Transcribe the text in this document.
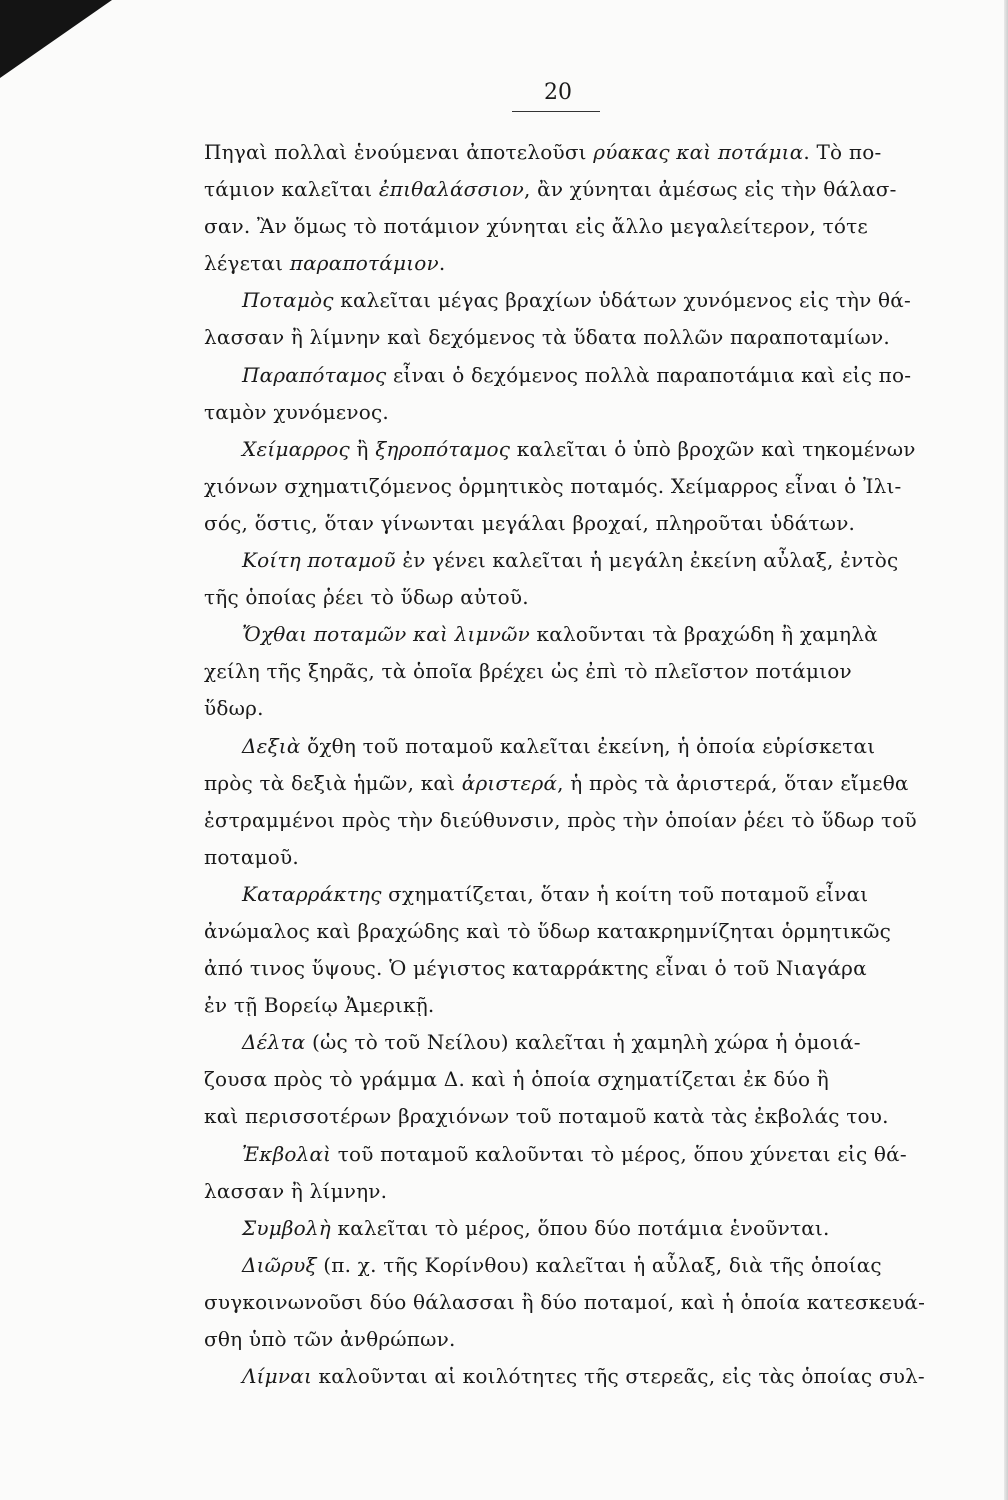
20
Πηγαὶ πολλαὶ ἑνούμεναι ἀποτελοῦσι ρύακας καὶ ποτάμια. Τὸ πο-
τάμιον καλεῖται ἐπιθαλάσσιον, ἂν χύνηται ἀμέσως εἰς τὴν θάλασ-
σαν. Ἂν ὅμως τὸ ποτάμιον χύνηται εἰς ἄλλο μεγαλείτερον, τότε
λέγεται παραποτάμιον.
Ποταμὸς καλεῖται μέγας βραχίων ὑδάτων χυνόμενος εἰς τὴν θά-
λασσαν ἢ λίμνην καὶ δεχόμενος τὰ ὕδατα πολλῶν παραποταμίων.
Παραπόταμος εἶναι ὁ δεχόμενος πολλὰ παραποτάμια καὶ εἰς πο-
ταμὸν χυνόμενος.
Χείμαρρος ἢ ξηροπόταμος καλεῖται ὁ ὑπὸ βροχῶν καὶ τηκομένων
χιόνων σχηματιζόμενος ὁρμητικὸς ποταμός. Χείμαρρος εἶναι ὁ Ἰλι-
σός, ὅστις, ὅταν γίνωνται μεγάλαι βροχαί, πληροῦται ὑδάτων.
Κοίτη ποταμοῦ ἐν γένει καλεῖται ἡ μεγάλη ἐκείνη αὖλαξ, ἐντὸς
τῆς ὁποίας ῥέει τὸ ὕδωρ αὐτοῦ.
Ὄχθαι ποταμῶν καὶ λιμνῶν καλοῦνται τὰ βραχώδη ἢ χαμηλὰ
χείλη τῆς ξηρᾶς, τὰ ὁποῖα βρέχει ὡς ἐπὶ τὸ πλεῖστον ποτάμιον
ὕδωρ.
Δεξιὰ ὄχθη τοῦ ποταμοῦ καλεῖται ἐκείνη, ἡ ὁποία εὑρίσκεται
πρὸς τὰ δεξιὰ ἡμῶν, καὶ ἀριστερά, ἡ πρὸς τὰ ἀριστερά, ὅταν εἴμεθα
ἐστραμμένοι πρὸς τὴν διεύθυνσιν, πρὸς τὴν ὁποίαν ῥέει τὸ ὕδωρ τοῦ
ποταμοῦ.
Καταρράκτης σχηματίζεται, ὅταν ἡ κοίτη τοῦ ποταμοῦ εἶναι
ἀνώμαλος καὶ βραχώδης καὶ τὸ ὕδωρ κατακρημνίζηται ὁρμητικῶς
ἀπό τινος ὕψους. Ὁ μέγιστος καταρράκτης εἶναι ὁ τοῦ Νιαγάρα
ἐν τῇ Βορείῳ Ἀμερικῇ.
Δέλτα (ὡς τὸ τοῦ Νείλου) καλεῖται ἡ χαμηλὴ χώρα ἡ ὁμοιά-
ζουσα πρὸς τὸ γράμμα Δ. καὶ ἡ ὁποία σχηματίζεται ἐκ δύο ἢ
καὶ περισσοτέρων βραχιόνων τοῦ ποταμοῦ κατὰ τὰς ἐκβολάς του.
Ἐκβολαὶ τοῦ ποταμοῦ καλοῦνται τὸ μέρος, ὅπου χύνεται εἰς θά-
λασσαν ἢ λίμνην.
Συμβολὴ καλεῖται τὸ μέρος, ὅπου δύο ποτάμια ἑνοῦνται.
Διῶρυξ (π. χ. τῆς Κορίνθου) καλεῖται ἡ αὖλαξ, διὰ τῆς ὁποίας
συγκοινωνοῦσι δύο θάλασσαι ἢ δύο ποταμοί, καὶ ἡ ὁποία κατεσκευά-
σθη ὑπὸ τῶν ἀνθρώπων.
Λίμναι καλοῦνται αἱ κοιλότητες τῆς στερεᾶς, εἰς τὰς ὁποίας συλ-
